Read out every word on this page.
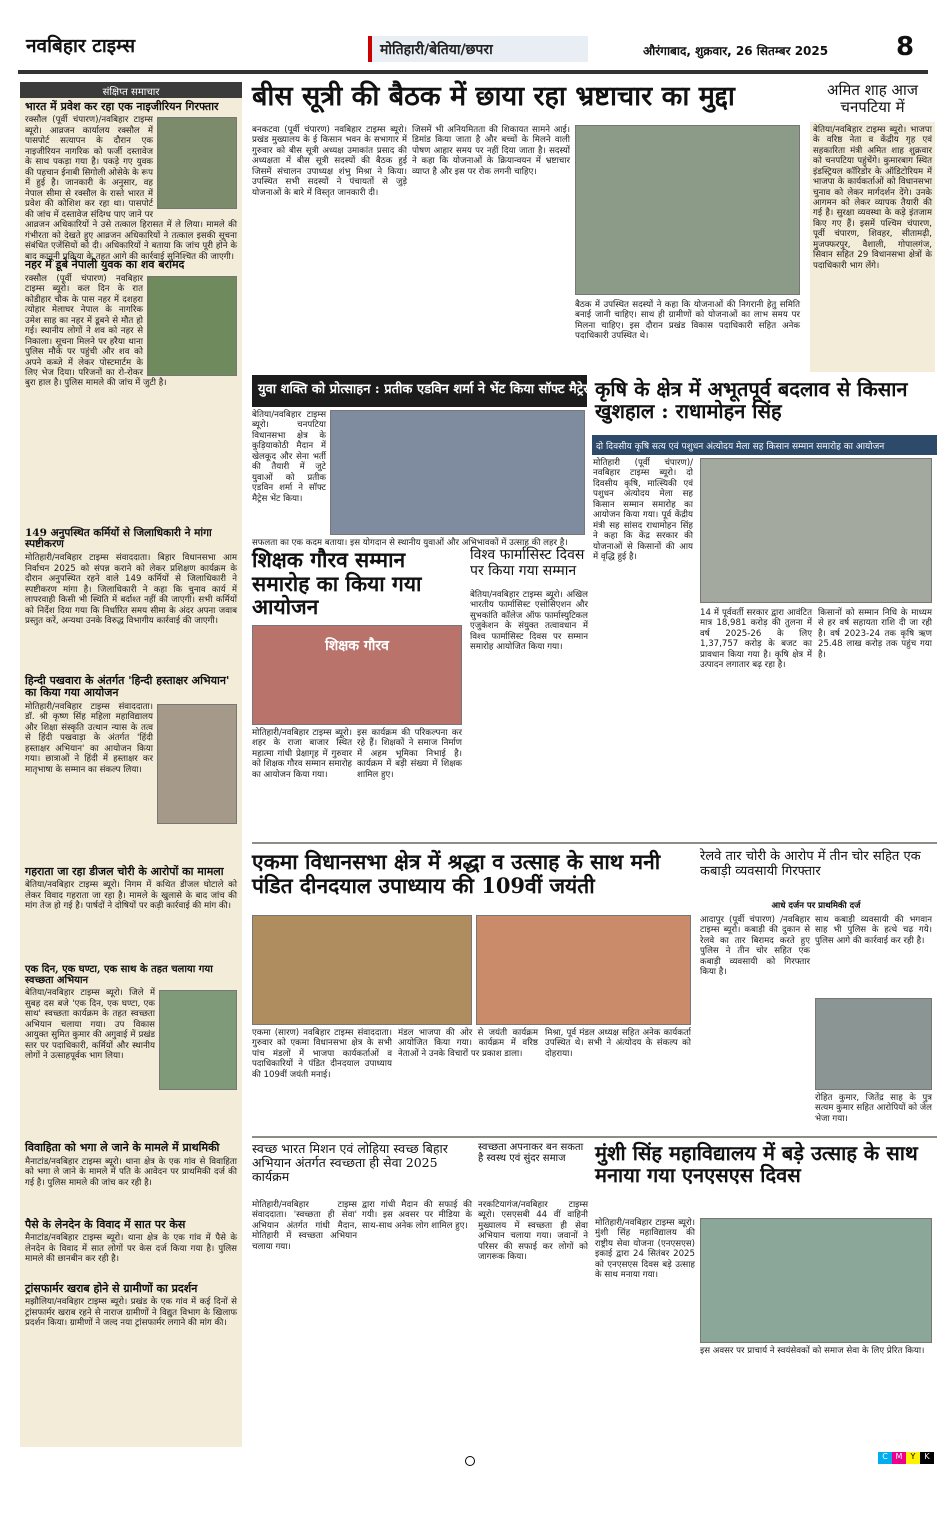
नवबिहार टाइम्स	मोतिहारी/बेतिया/छपरा	औरंगाबाद, शुक्रवार, 26 सितम्बर 2025	8
संक्षिप्त समाचार
भारत में प्रवेश कर रहा एक नाइजीरियन गिरफ्तार
रक्सौल (पूर्वी चंपारण)/नवबिहार टाइम्स ब्यूरो। आव्रजन कार्यालय रक्सौल में पासपोर्ट सत्यापन के दौरान एक नाइजीरियन नागरिक को फर्जी दस्तावेज के साथ पकड़ा गया है। पकड़े गए युवक की पहचान ईनाबी सिगोली ओसेके के रूप में हुई है। जानकारी के अनुसार, वह नेपाल सीमा से रक्सौल के रास्ते भारत में प्रवेश की कोशिश कर रहा था। पासपोर्ट की जांच में दस्तावेज संदिग्ध पाए जाने पर आव्रजन अधिकारियों ने उसे तत्काल हिरासत में ले लिया। मामले की गंभीरता को देखते हुए आव्रजन अधिकारियों ने तत्काल इसकी सूचना संबंधित एजेंसियों को दी। अधिकारियों ने बताया कि जांच पूरी होने के बाद कानूनी प्रक्रिया के तहत आगे की कार्रवाई सुनिश्चित की जाएगी।
नहर में डूबे नेपाली युवक का शव बरामद
रक्सौल (पूर्वी चंपारण) नवबिहार टाइम्स ब्यूरो। कल दिन के रात कोडीहार चौक के पास नहर में दशहरा त्योहार मेलाघर नेपाल के नागरिक उमेश साह का नहर में डूबने से मौत हो गई। स्थानीय लोगों ने शव को नहर से निकाला। सूचना मिलने पर हरैया थाना पुलिस मौके पर पहुंची और शव को अपने कब्जे में लेकर पोस्टमार्टम के लिए भेज दिया। परिजनों का रो-रोकर बुरा हाल है। पुलिस मामले की जांच में जुटी है।
149 अनुपस्थित कर्मियों से जिलाधिकारी ने मांगा स्पष्टीकरण
मोतिहारी/नवबिहार टाइम्स संवाददाता। बिहार विधानसभा आम निर्वाचन 2025 को संपन्न कराने को लेकर प्रशिक्षण कार्यक्रम के दौरान अनुपस्थित रहने वाले 149 कर्मियों से जिलाधिकारी ने स्पष्टीकरण मांगा है। जिलाधिकारी ने कहा कि चुनाव कार्य में लापरवाही किसी भी स्थिति में बर्दाश्त नहीं की जाएगी। सभी कर्मियों को निर्देश दिया गया कि निर्धारित समय सीमा के अंदर अपना जवाब प्रस्तुत करें, अन्यथा उनके विरुद्ध विभागीय कार्रवाई की जाएगी।
हिन्दी पखवारा के अंतर्गत 'हिन्दी हस्ताक्षर अभियान' का किया गया आयोजन
मोतिहारी/नवबिहार टाइम्स संवाददाता। डॉ. श्री कृष्ण सिंह महिला महाविद्यालय और शिक्षा संस्कृति उत्थान न्यास के तत्व से हिंदी पखवाड़ा के अंतर्गत 'हिंदी हस्ताक्षर अभियान' का आयोजन किया गया। छात्राओं ने हिंदी में हस्ताक्षर कर मातृभाषा के सम्मान का संकल्प लिया।
गहराता जा रहा डीजल चोरी के आरोपों का मामला
बेतिया/नवबिहार टाइम्स ब्यूरो। निगम में कथित डीजल घोटाले को लेकर विवाद गहराता जा रहा है। मामले के खुलासे के बाद जांच की मांग तेज हो गई है। पार्षदों ने दोषियों पर कड़ी कार्रवाई की मांग की।
एक दिन, एक घण्टा, एक साथ के तहत चलाया गया स्वच्छता अभियान
बेतिया/नवबिहार टाइम्स ब्यूरो। जिले में सुबह दस बजे 'एक दिन, एक घण्टा, एक साथ' स्वच्छता कार्यक्रम के तहत स्वच्छता अभियान चलाया गया। उप विकास आयुक्त सुमित कुमार की अगुवाई में प्रखंड स्तर पर पदाधिकारी, कर्मियों और स्थानीय लोगों ने उत्साहपूर्वक भाग लिया।
विवाहिता को भगा ले जाने के मामले में प्राथमिकी
मैनाटांड/नवबिहार टाइम्स ब्यूरो। थाना क्षेत्र के एक गांव से विवाहिता को भगा ले जाने के मामले में पति के आवेदन पर प्राथमिकी दर्ज की गई है। पुलिस मामले की जांच कर रही है।
पैसे के लेनदेन के विवाद में सात पर केस
मैनाटांड/नवबिहार टाइम्स ब्यूरो। थाना क्षेत्र के एक गांव में पैसे के लेनदेन के विवाद में सात लोगों पर केस दर्ज किया गया है। पुलिस मामले की छानबीन कर रही है।
ट्रांसफार्मर खराब होने से ग्रामीणों का प्रदर्शन
मझौलिया/नवबिहार टाइम्स ब्यूरो। प्रखंड के एक गांव में कई दिनों से ट्रांसफार्मर खराब रहने से नाराज ग्रामीणों ने विद्युत विभाग के खिलाफ प्रदर्शन किया। ग्रामीणों ने जल्द नया ट्रांसफार्मर लगाने की मांग की।
बीस सूत्री की बैठक में छाया रहा भ्रष्टाचार का मुद्दा
बनकटवा (पूर्वी चंपारण) नवबिहार टाइम्स ब्यूरो। प्रखंड मुख्यालय के ई किसान भवन के सभागार में गुरुवार को बीस सूत्री अध्यक्ष उमाकांत प्रसाद की अध्यक्षता में बीस सूत्री सदस्यों की बैठक हुई जिसमें संचालन उपाध्यक्ष शंभु मिश्रा ने किया। उपस्थित सभी सदस्यों ने पंचायतों से जुड़े योजनाओं के बारे में विस्तृत जानकारी दी।
जिसमें भी अनियमितता की शिकायत सामने आई। डिमांड किया जाता है और बच्चों के मिलने वाली पोषण आहार समय पर नहीं दिया जाता है। सदस्यों ने कहा कि योजनाओं के क्रियान्वयन में भ्रष्टाचार व्याप्त है और इस पर रोक लगनी चाहिए।
बैठक में उपस्थित सदस्यों ने कहा कि योजनाओं की निगरानी हेतु समिति बनाई जानी चाहिए। साथ ही ग्रामीणों को योजनाओं का लाभ समय पर मिलना चाहिए। इस दौरान प्रखंड विकास पदाधिकारी सहित अनेक पदाधिकारी उपस्थित थे।
अमित शाह आज चनपटिया में
बेतिया/नवबिहार टाइम्स ब्यूरो। भाजपा के वरिष्ठ नेता व केंद्रीय गृह एवं सहकारिता मंत्री अमित शाह शुक्रवार को चनपटिया पहुंचेंगे। कुमारबाग स्थित इंडस्ट्रियल कॉरिडोर के ऑडिटोरियम में भाजपा के कार्यकर्ताओं को विधानसभा चुनाव को लेकर मार्गदर्शन देंगे। उनके आगमन को लेकर व्यापक तैयारी की गई है। सुरक्षा व्यवस्था के कड़े इंतजाम किए गए हैं। इसमें पश्चिम चंपारण, पूर्वी चंपारण, शिवहर, सीतामढ़ी, मुजफ्फरपुर, वैशाली, गोपालगंज, सिवान सहित 29 विधानसभा क्षेत्रों के पदाधिकारी भाग लेंगे।
युवा शक्ति को प्रोत्साहन : प्रतीक एडविन शर्मा ने भेंट किया सॉफ्ट मैट्रेस
बेतिया/नवबिहार टाइम्स ब्यूरो। चनपटिया विधानसभा क्षेत्र के कुड़ियाकोठी मैदान में खेलकूद और सेना भर्ती की तैयारी में जुटे युवाओं को प्रतीक एडविन शर्मा ने सॉफ्ट मैट्रेस भेंट किया।
सफलता का एक कदम बताया। इस योगदान से स्थानीय युवाओं और अभिभावकों में उत्साह की लहर है।
कृषि के क्षेत्र में अभूतपूर्व बदलाव से किसान खुशहाल : राधामोहन सिंह
दो दिवसीय कृषि सत्य एवं पशुधन अंत्योदय मेला सह किसान सम्मान समारोह का आयोजन
मोतिहारी (पूर्वी चंपारण)/ नवबिहार टाइम्स ब्यूरो। दो दिवसीय कृषि, मात्स्यिकी एवं पशुधन अंत्योदय मेला सह किसान सम्मान समारोह का आयोजन किया गया। पूर्व केंद्रीय मंत्री सह सांसद राधामोहन सिंह ने कहा कि केंद्र सरकार की योजनाओं से किसानों की आय में वृद्धि हुई है।
14 में पूर्ववर्ती सरकार द्वारा आवंटित मात्र 18,981 करोड़ की तुलना में वर्ष 2025-26 के लिए 1,37,757 करोड़ के बजट का प्रावधान किया गया है। कृषि क्षेत्र में उत्पादन लगातार बढ़ रहा है।
किसानों को सम्मान निधि के माध्यम से हर वर्ष सहायता राशि दी जा रही है। वर्ष 2023-24 तक कृषि ऋण 25.48 लाख करोड़ तक पहुंच गया है।
शिक्षक गौरव सम्मान समारोह का किया गया आयोजन
शिक्षक गौरव
मोतिहारी/नवबिहार टाइम्स ब्यूरो। शहर के राजा बाजार स्थित महात्मा गांधी प्रेक्षागृह में गुरुवार को शिक्षक गौरव सम्मान समारोह का आयोजन किया गया।
इस कार्यक्रम की परिकल्पना कर रहे हैं। शिक्षकों ने समाज निर्माण में अहम भूमिका निभाई है। कार्यक्रम में बड़ी संख्या में शिक्षक शामिल हुए।
विश्व फार्मासिस्ट दिवस पर किया गया सम्मान
बेतिया/नवबिहार टाइम्स ब्यूरो। अखिल भारतीय फार्मासिस्ट एसोसिएशन और सुभकांति कॉलेज ऑफ फार्मास्युटिकल एजुकेशन के संयुक्त तत्वावधान में विश्व फार्मासिस्ट दिवस पर सम्मान समारोह आयोजित किया गया।
एकमा विधानसभा क्षेत्र में श्रद्धा व उत्साह के साथ मनी पंडित दीनदयाल उपाध्याय की 109वीं जयंती
एकमा (सारण) नवबिहार टाइम्स संवाददाता। गुरुवार को एकमा विधानसभा क्षेत्र के सभी पांच मंडलों में भाजपा कार्यकर्ताओं व पदाधिकारियों ने पंडित दीनदयाल उपाध्याय की 109वीं जयंती मनाई।
मंडल भाजपा की ओर से जयंती कार्यक्रम आयोजित किया गया। कार्यक्रम में वरिष्ठ नेताओं ने उनके विचारों पर प्रकाश डाला।
मिश्रा, पूर्व मंडल अध्यक्ष सहित अनेक कार्यकर्ता उपस्थित थे। सभी ने अंत्योदय के संकल्प को दोहराया।
रेलवे तार चोरी के आरोप में तीन चोर सहित एक कबाड़ी व्यवसायी गिरफ्तार
आधे दर्जन पर प्राथमिकी दर्ज
आदापुर (पूर्वी चंपारण) /नवबिहार टाइम्स ब्यूरो। कबाड़ी की दुकान से रेलवे का तार बिरामद करते हुए पुलिस ने तीन चोर सहित एक कबाड़ी व्यवसायी को गिरफ्तार किया है।
साथ कबाड़ी व्यवसायी की भगवान साह भी पुलिस के हत्थे चढ़ गये। पुलिस आगे की कार्रवाई कर रही है।
रोहित कुमार, जितेंद्र साह के पुत्र सत्यम कुमार सहित आरोपियों को जेल भेजा गया।
स्वच्छ भारत मिशन एवं लोहिया स्वच्छ बिहार अभियान अंतर्गत स्वच्छता ही सेवा 2025 कार्यक्रम
मोतिहारी/नवबिहार टाइम्स संवाददाता। 'स्वच्छता ही सेवा' अभियान अंतर्गत गांधी मैदान, मोतिहारी में स्वच्छता अभियान चलाया गया।
द्वारा गांधी मैदान की सफाई की गयी। इस अवसर पर मीडिया के साथ-साथ अनेक लोग शामिल हुए।
स्वच्छता अपनाकर बन सकता है स्वस्थ एवं सुंदर समाज
नरकटियागंज/नवबिहार टाइम्स ब्यूरो। एसएसबी 44 वीं वाहिनी मुख्यालय में स्वच्छता ही सेवा अभियान चलाया गया। जवानों ने परिसर की सफाई कर लोगों को जागरूक किया।
मुंशी सिंह महाविद्यालय में बड़े उत्साह के साथ मनाया गया एनएसएस दिवस
मोतिहारी/नवबिहार टाइम्स ब्यूरो। मुंशी सिंह महाविद्यालय की राष्ट्रीय सेवा योजना (एनएसएस) इकाई द्वारा 24 सितंबर 2025 को एनएसएस दिवस बड़े उत्साह के साथ मनाया गया।
इस अवसर पर प्राचार्य ने स्वयंसेवकों को समाज सेवा के लिए प्रेरित किया।
C M	Y	K
